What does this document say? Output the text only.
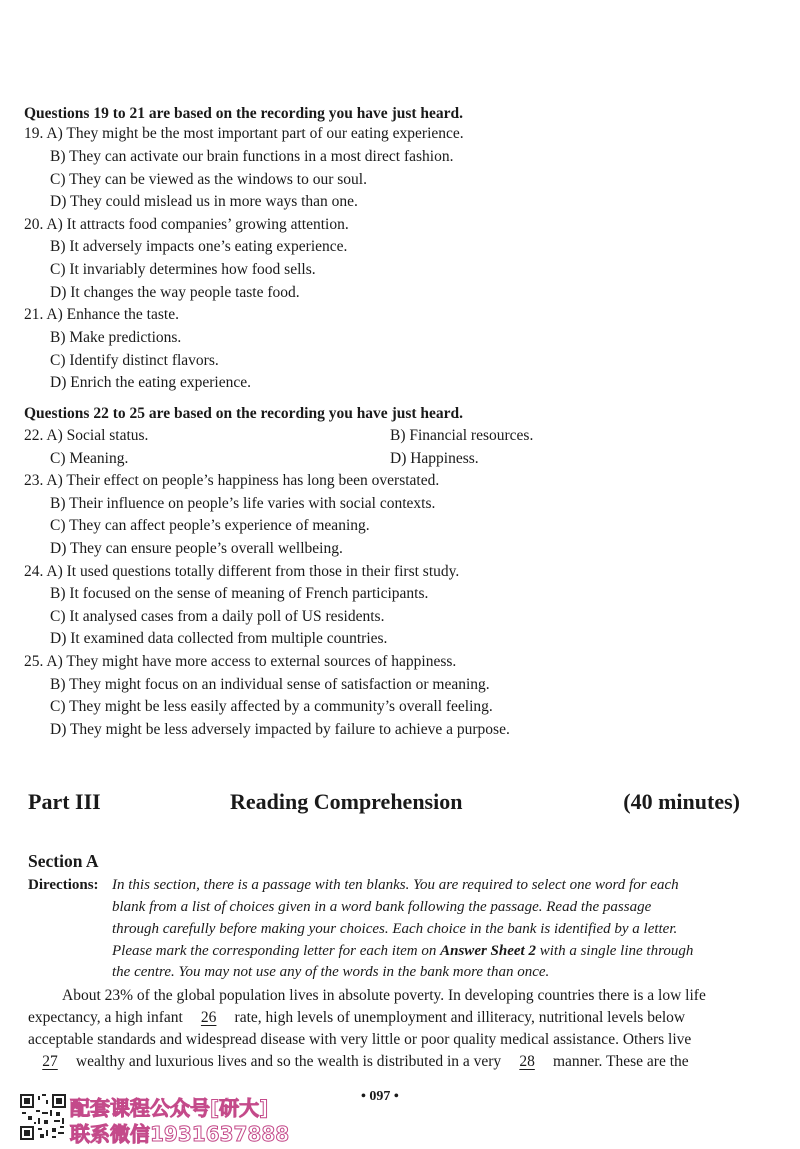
Questions 19 to 21 are based on the recording you have just heard.
19. A) They might be the most important part of our eating experience.
B) They can activate our brain functions in a most direct fashion.
C) They can be viewed as the windows to our soul.
D) They could mislead us in more ways than one.
20. A) It attracts food companies’ growing attention.
B) It adversely impacts one’s eating experience.
C) It invariably determines how food sells.
D) It changes the way people taste food.
21. A) Enhance the taste.
B) Make predictions.
C) Identify distinct flavors.
D) Enrich the eating experience.
Questions 22 to 25 are based on the recording you have just heard.
22. A) Social status.	B) Financial resources.
C) Meaning.	D) Happiness.
23. A) Their effect on people’s happiness has long been overstated.
B) Their influence on people’s life varies with social contexts.
C) They can affect people’s experience of meaning.
D) They can ensure people’s overall wellbeing.
24. A) It used questions totally different from those in their first study.
B) It focused on the sense of meaning of French participants.
C) It analysed cases from a daily poll of US residents.
D) It examined data collected from multiple countries.
25. A) They might have more access to external sources of happiness.
B) They might focus on an individual sense of satisfaction or meaning.
C) They might be less easily affected by a community’s overall feeling.
D) They might be less adversely impacted by failure to achieve a purpose.
Part III	Reading Comprehension	(40 minutes)
Section A
Directions: In this section, there is a passage with ten blanks. You are required to select one word for each
blank from a list of choices given in a word bank following the passage. Read the passage
through carefully before making your choices. Each choice in the bank is identified by a letter.
Please mark the corresponding letter for each item on Answer Sheet 2 with a single line through
the centre. You may not use any of the words in the bank more than once.
About 23% of the global population lives in absolute poverty. In developing countries there is a low life
expectancy, a high infant 26 rate, high levels of unemployment and illiteracy, nutritional levels below
acceptable standards and widespread disease with very little or poor quality medical assistance. Others live
27 wealthy and luxurious lives and so the wealth is distributed in a very 28 manner. These are the
• 097 •
配套课程公众号[研大]
联系微信1931637888
